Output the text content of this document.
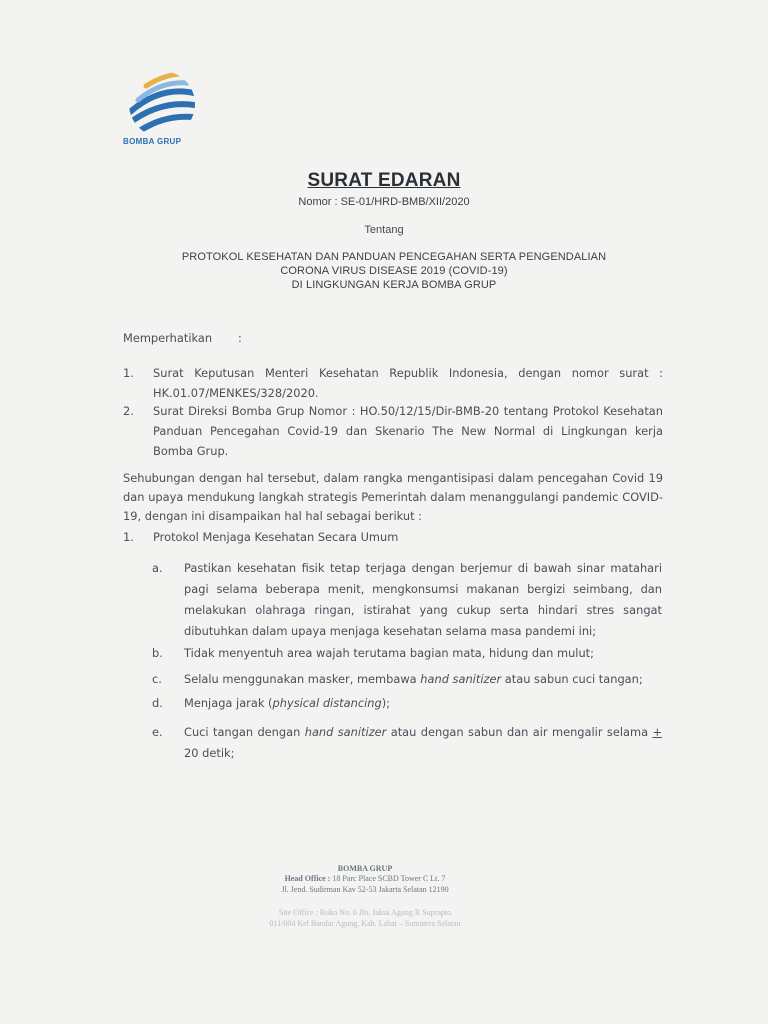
BOMBA GRUP
SURAT EDARAN
Nomor : SE-01/HRD-BMB/XII/2020
Tentang
PROTOKOL KESEHATAN DAN PANDUAN PENCEGAHAN SERTA PENGENDALIAN
CORONA VIRUS DISEASE 2019 (COVID-19)
DI LINGKUNGAN KERJA BOMBA GRUP
Memperhatikan :
1. Surat Keputusan Menteri Kesehatan Republik Indonesia, dengan nomor surat : HK.01.07/MENKES/328/2020.
2. Surat Direksi Bomba Grup Nomor : HO.50/12/15/Dir-BMB-20 tentang Protokol Kesehatan Panduan Pencegahan Covid-19 dan Skenario The New Normal di Lingkungan kerja Bomba Grup.
Sehubungan dengan hal tersebut, dalam rangka mengantisipasi dalam pencegahan Covid 19 dan upaya mendukung langkah strategis Pemerintah dalam menanggulangi pandemic COVID-19, dengan ini disampaikan hal hal sebagai berikut :
1. Protokol Menjaga Kesehatan Secara Umum
a. Pastikan kesehatan fisik tetap terjaga dengan berjemur di bawah sinar matahari pagi selama beberapa menit, mengkonsumsi makanan bergizi seimbang, dan melakukan olahraga ringan, istirahat yang cukup serta hindari stres sangat dibutuhkan dalam upaya menjaga kesehatan selama masa pandemi ini;
b. Tidak menyentuh area wajah terutama bagian mata, hidung dan mulut;
c. Selalu menggunakan masker, membawa hand sanitizer atau sabun cuci tangan;
d. Menjaga jarak (physical distancing);
e. Cuci tangan dengan hand sanitizer atau dengan sabun dan air mengalir selama + 20 detik;
BOMBA GRUP
Head Office : 18 Parc Place SCBD Tower C Lt. 7
Jl. Jend. Sudirman Kav 52-53 Jakarta Selatan 12190
Site Office : Ruko No. 6 Jln. Jaksa Agung R Suprapto
011/004 Kel Bandar Agung, Kab. Lahat – Sumatera Selatan
